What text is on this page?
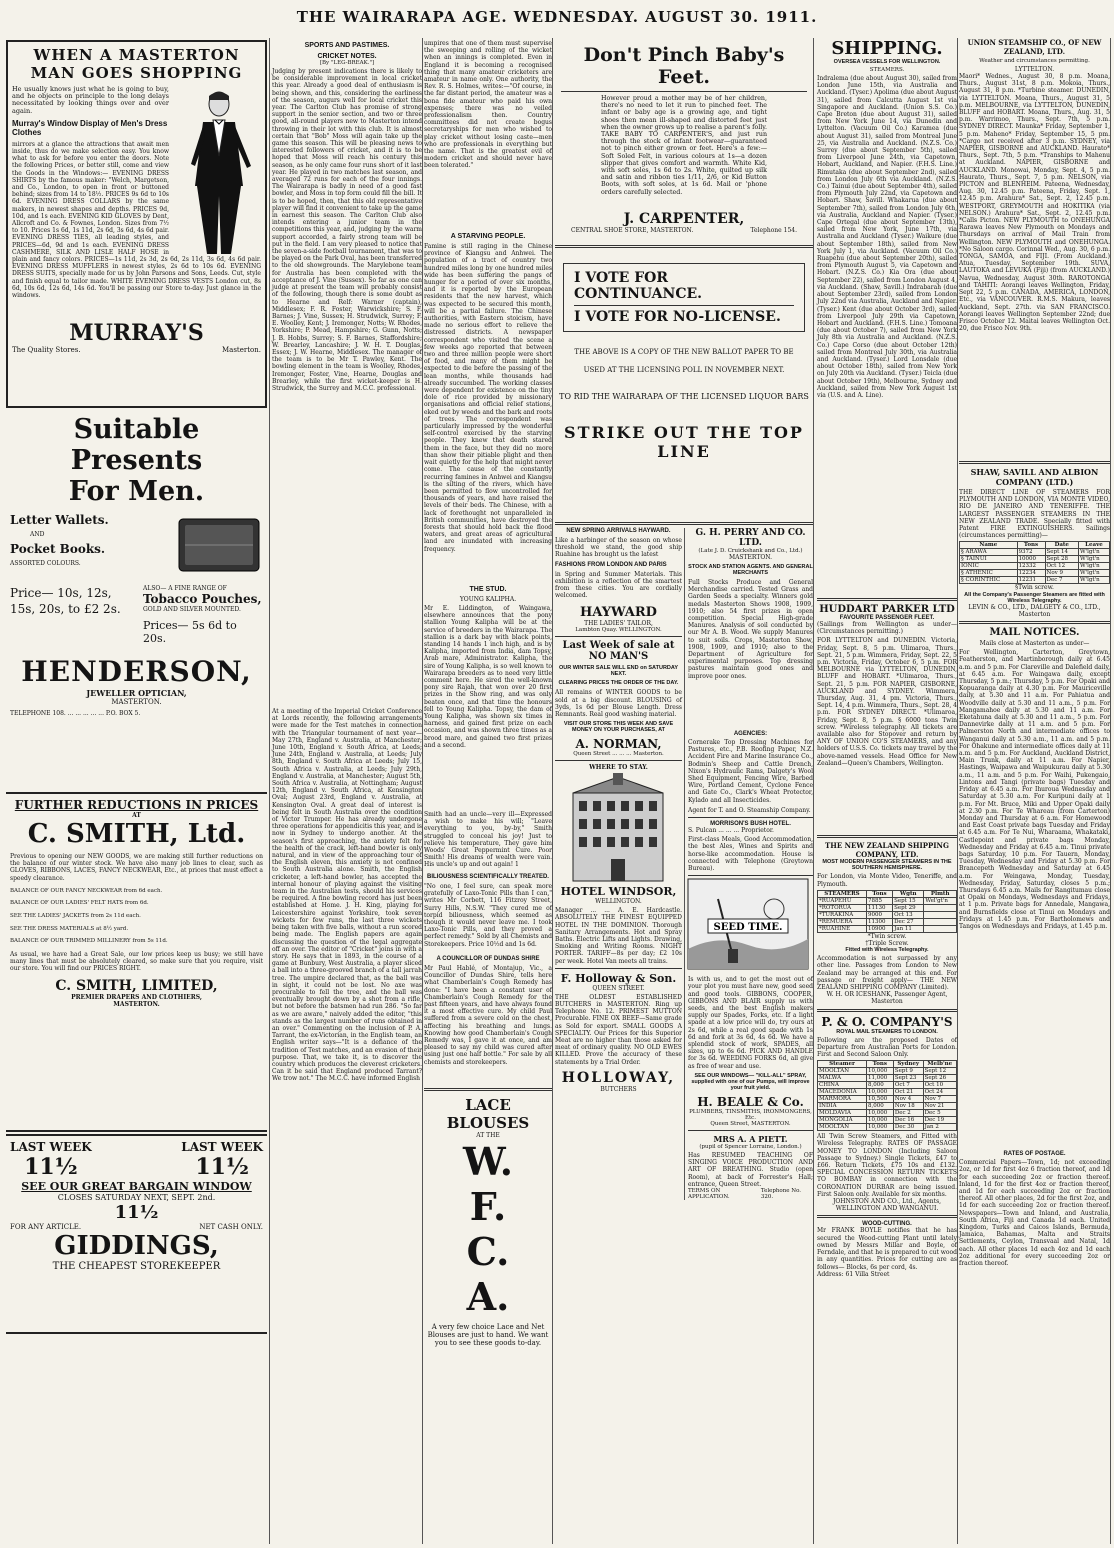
THE WAIRARAPA AGE. WEDNESDAY. AUGUST 30. 1911.
WHEN A MASTERTON
MAN GOES SHOPPING
He usually knows just what he is going to buy, and he objects on principle to the long delays necessitated by looking things over and over again.
Murray's Window Display of Men's Dress Clothes
mirrors at a glance the attractions that await men inside, thus do we make selection easy. You know what to ask for before you enter the doors. Note the following Prices, or better still, come and view the Goods in the Windows:— EVENING DRESS SHIRTS by the famous maker: "Welch, Margetson, and Co., London, to open in front or buttoned behind; sizes from 14 to 18½. PRICES 9s 6d to 10s 6d. EVENING DRESS COLLARS by the same makers, in newest shapes and depths. PRICES 9d, 10d, and 1s each. EVENING KID GLOVES by Dent, Allcroft and Co. & Fownes, London. Sizes from 7½ to 10. Prices 1s 6d, 1s 11d, 2s 6d, 3s 6d, 4s 6d pair. EVENING DRESS TIES, all leading styles, and PRICES—6d, 9d and 1s each. EVENING DRESS CASHMERE, SILK AND LISLE HALF HOSE in plain and fancy colors. PRICES—1s 11d, 2s 3d, 2s 6d, 2s 11d, 3s 6d, 4s 6d pair. EVENING DRESS MUFFLERS in newest styles, 2s 6d to 10s 6d. EVENING DRESS SUITS, specially made for us by John Parsons and Sons, Leeds. Cut, style and finish equal to tailor made. WHITE EVENING DRESS VESTS London cut, 8s 6d, 10s 6d, 12s 6d, 14s 6d. You'll be passing our Store to-day. Just glance in the windows.
MURRAY'S
The Quality Stores.	Masterton.
Suitable Presents
For Men.
Letter Wallets.
AND
Pocket Books.
ASSORTED COLOURS.
Price— 10s, 12s, 15s, 20s, to £2 2s.
ALSO— A FINE RANGE OF
Tobacco Pouches,
GOLD AND SILVER MOUNTED.
Prices— 5s 6d to 20s.
HENDERSON,
JEWELLER OPTICIAN,
MASTERTON.
TELEPHONE 108. ... ... ... ... ... P.O. BOX 5.
FURTHER REDUCTIONS IN PRICES
AT
C. SMITH, Ltd.
Previous to opening our NEW GOODS, we are making still further reductions on the balance of our winter stock. We have also many job lines to clear, such as GLOVES, RIBBONS, LACES, FANCY NECKWEAR, Etc., at prices that must effect a speedy clearance.
BALANCE OF OUR FANCY NECKWEAR from 6d each.
BALANCE OF OUR LADIES' FELT HATS from 6d.
SEE THE LADIES' JACKETS from 2s 11d each.
SEE THE DRESS MATERIALS at 8½ yard.
BALANCE OF OUR TRIMMED MILLINERY from 5s 11d.
As usual, we have had a Great Sale, our low prices keep us busy; we still have many lines that must be absolutely cleared, so make sure that you require, visit our store. You will find our PRICES RIGHT.
C. SMITH, LIMITED,
PREMIER DRAPERS AND CLOTHIERS,
MASTERTON.
LAST WEEK
11½
LAST WEEK
11½
SEE OUR GREAT BARGAIN WINDOW
CLOSES SATURDAY NEXT, SEPT. 2nd.
11½
FOR ANY ARTICLE.	NET CASH ONLY.
GIDDINGS,
THE CHEAPEST STOREKEEPER
SPORTS AND PASTIMES.
CRICKET NOTES.
[By "LEG-BREAK."]
Judging by present indications there is likely to be considerable improvement in local cricket this year. Already a good deal of enthusiasm is being shown, and this, considering the earliness of the season, augurs well for local cricket this year. The Carlton Club has promise of strong support in the senior section, and two or three good, all-round players new to Masterton intend throwing in their lot with this club. It is almost certain that "Bob" Moss will again take up the game this season. This will be pleasing news to interested followers of cricket, and it is to be hoped that Moss will reach his century this season, as he only came four runs short of it last year. He played in two matches last season, and averaged 72 runs for each of the four innings. The Wairarapa is badly in need of a good fast bowler, and Moss in top form could fill the bill. It is to be hoped, then, that this old representative player will find it convenient to take up the game in earnest this season. The Carlton Club also intends entering a junior team in the competitions this year, and, judging by the warm support accorded, a fairly strong team will be put in the field. I am very pleased to notice that the seven-a-side football tournament, that was to be played on the Park Oval, has been transferred to the old showgrounds. The Marylebone team for Australia has been completed with the acceptance of J. Vine (Sussex). So far as one can judge at present the team will probably consist of the following, though there is some doubt as to Hearne and Relf: Warner (captain), Middlesex; F. R. Foster, Warwickshire; S. F. Barnes; J. Vine, Sussex; H. Strudwick, Surrey; F. E. Woolley, Kent; J. Iremonger, Notts; W. Rhodes, Yorkshire; P. Mead, Hampshire; G. Gunn, Notts; J. B. Hobbs, Surrey; S. F. Barnes, Staffordshire; W. Brearley, Lancashire; J. W. H. T. Douglas, Essex; J. W. Hearne, Middlesex. The manager of the team is to be Mr T. Pawley, Kent. The bowling element in the team is Woolley, Rhodes, Iremonger, Foster, Vine, Hearne, Douglas and Brearley, while the first wicket-keeper is H. Strudwick, the Surrey and M.C.C. professional.
At a meeting of the Imperial Cricket Conference at Lords recently, the following arrangements were made for the Test matches in connection with the Triangular tournament of next year—May 27th, England v. Australia, at Manchester; June 10th, England v. South Africa, at Leeds; June 24th, England v. Australia, at Leeds; July 8th, England v. South Africa at Leeds; July 15, South Africa v. Australia, at Leeds; July 29th, England v. Australia, at Manchester; August 5th, South Africa v. Australia, at Nottingham; August 12th, England v. South Africa, at Kensington Oval; August 23rd, England v. Australia, at Kensington Oval. A great deal of interest is being felt in South Australia over the condition of Victor Trumper. He has already undergone three operations for appendicitis this year, and is now in Sydney to undergo another. At the season's first approaching, the anxiety felt for the health of the crack, left-hand bowler is only natural, and in view of the approaching tour of the English eleven, this anxiety is not confined to South Australia alone. Smith, the English cricketer, a left-hand bowler, has accepted the internal honour of playing against the visiting team in the Australian tests, should his services be required. A fine bowling record has just been established at Home. J. H. King, playing for Leicestershire against Yorkshire, took seven wickets for few runs, the last three wickets being taken with five balls, without a run scored being made. The English papers are again discussing the question of the legal aggregate off an over. The editor of "Cricket" joins in with a story. He says that in 1893, in the course of a game at Bunbury, West Australia, a player sliced a ball into a three-grooved branch of a tall jarrah tree. The umpire declared that, as the ball was in sight, it could not be lost. No axe was procurable to fell the tree, and the ball was eventually brought down by a shot from a rifle, but not before the batsmen had run 286. "So far as we are aware," naively added the editor, "this stands as the largest number of runs obtained in an over." Commenting on the inclusion of P. A. Tarrant, the ex-Victorian, in the English team, an English writer says—"It is a defiance of the tradition of Test matches, and an evasion of their purpose. That, we take it, is to discover the country which produces the cleverest cricketers. Can it be said that England produced Tarrant? We trow not." The M.C.C. have informed English
umpires that one of them must supervise the sweeping and rolling of the wicket when an innings is completed. Even in England it is becoming a recognised thing that many amateur cricketers are amateur in name only. One authority, the Rev. R. S. Holmes, writes:—"Of course, in the far distant period, the amateur was a bona fide amateur who paid his own expenses; there was no veiled professionalism then. Country committees did not create bogus secretaryships for men who wished to play cricket without losing caste—men who are professionals in everything but the name. That is the greatest evil of modern cricket and should never have been tolerated."
A STARVING PEOPLE.
Famine is still raging in the Chinese province of Kiangsu and Anhwei. The population of a tract of country two hundred miles long by one hundred miles wide has been suffering the pangs of hunger for a period of over six months, and it is reported by the European residents that the new harvest, which was expected to be secured this month, will be a partial failure. The Chinese authorities, with Eastern stoicism, have made no serious effort to relieve the distressed districts. A newspaper correspondent who visited the scene a few weeks ago reported that between two and three million people were short of food, and many of them might be expected to die before the passing of the lean months, while thousands had already succumbed. The working classes were dependent for existence on the tiny dole of rice provided by missionary organisations and official relief stations, eked out by weeds and the bark and roots of trees. The correspondent was particularly impressed by the wonderful self-control exercised by the starving people. They knew that death stared them in the face, but they did no more than show their pitiable plight and then wait quietly for the help that might never come. The cause of the constantly recurring famines in Anhwei and Kiangsu is the silting of the rivers, which have been permitted to flow uncontrolled for thousands of years, and have raised the levels of their beds. The Chinese, with a lack of forethought not unparalleled in British communities, have destroyed the forests that should hold back the flood waters, and great areas of agricultural land are inundated with increasing frequency.
THE STUD.
YOUNG KALIPHA.
Mr E. Liddington, of Waingawa, elsewhere announces that the pony stallion Young Kalipha will be at the service of breeders in the Wairarapa. The stallion is a dark bay with black points, standing 14 hands 1 inch high, and is by Kalipha, imported from India, dam Topsy, Arab mare, Administrator. Kalipha, the sire of Young Kalipha, is so well known to Wairarapa breeders as to need very little comment here. He sired the well-known pony sire Rajah, that won over 20 first prizes in the Show ring, and was only beaten once, and that time the honours fell to Young Kalipha. Topsy, the dam of Young Kalipha, was shown six times in harness, and gained first prize on each occasion, and was shown three times as a brood mare, and gained two first prizes and a second.
Smith had an uncle—very ill—Expressed a wish to make his will; "Leave everything to you, by-by," Smith struggled to conceal his joy! Just to relieve his temperature, They gave him Woods' Great Peppermint Cure. Poor Smith! His dreams of wealth were vain. His uncle's up and out again! 1
BILIOUSNESS SCIENTIFICALLY TREATED.
"No one, I feel sure, can speak more gratefully of Laxo-Tonic Pills than I can," writes Mr Corbett, 116 Fitzroy Street, Surry Hills, N.S.W. "They cured me of torpid biliousness, which seemed as though it would never leave me. I took Laxo-Tonic Pills, and they proved a perfect remedy." Sold by all Chemists and Storekeepers. Price 10½d and 1s 6d.
A COUNCILLOR OF DUNDAS SHIRE
Mr Paul Hablé, of Montajup, Vic., a Councillor of Dundas Shire, tells here what Chamberlain's Cough Remedy has done: "I have been a constant user of Chamberlain's Cough Remedy for the past fifteen years, and have always found it a most effective cure. My child Paul suffered from a severe cold on the chest, affecting his breathing and lungs. Knowing how good Chamberlain's Cough Remedy was, I gave it at once, and am pleased to say my child was cured after using just one half bottle." For sale by all chemists and storekeepers.
LACE BLOUSES
AT THE
W.
F.
C.
A.
A very few choice Lace and Net Blouses are just to hand. We want you to see these goods to-day.
Don't Pinch Baby's Feet.
However proud a mother may be of her children, there's no need to let it run to pinched feet. The infant or baby age is a growing age, and tight shoes then mean ill-shaped and distorted feet just when the owner grows up to realise a parent's folly. TAKE BABY TO CARPENTER'S, and just run through the stock of infant footwear—guaranteed not to pinch either grown or feet. Here's a few:— Soft Soled Felt, in various colours at 1s—a dozen slipper that gives comfort and warmth. White Kid, with soft soles, 1s 6d to 2s. White, quilted up silk and satin and ribbon ties 1/11, 2/6, or Kid Button Boots, with soft soles, at 1s 6d. Mail or 'phone orders carefully selected.
J. CARPENTER,
CENTRAL SHOE STORE, MASTERTON.	Telephone 154.
I VOTE FOR CONTINUANCE.
I VOTE FOR NO-LICENSE.
THE ABOVE IS A COPY OF THE NEW BALLOT PAPER TO BE
USED AT THE LICENSING POLL IN NOVEMBER NEXT.
TO RID THE WAIRARAPA OF THE LICENSED LIQUOR BARS
STRIKE OUT THE TOP LINE
NEW SPRING ARRIVALS HAYWARD.
Like a harbinger of the season on whose threshold we stand, the good ship Ruahine has brought us the latest
FASHIONS FROM LONDON AND PARIS
in Spring and Summer Materials. This exhibition is a reflection of the smartest from these cities. You are cordially welcomed.
HAYWARD
THE LADIES' TAILOR,
Lambton Quay. WELLINGTON.
Last Week of sale at NO MAN'S
OUR WINTER SALE WILL END on SATURDAY NEXT.
CLEARING PRICES THE ORDER OF THE DAY.
All remains of WINTER GOODS to be sold at a big discount. BLOUSING of 3yds, 1s 6d per Blouse Length. Dress Remnants. Real good washing material.
VISIT OUR STORE THIS WEEK AND SAVE MONEY ON YOUR PURCHASES, AT
A. NORMAN,
Queen Street ... ... ... Masterton.
WHERE TO STAY.
HOTEL WINDSOR,
WELLINGTON.
Manager ... ... A. E. Hardcastle. ABSOLUTELY THE FINEST EQUIPPED HOTEL IN THE DOMINION. Thorough Sanitary Arrangements. Hot and Spray Baths. Electric Lifts and Lights. Drawing, Smoking and Writing Rooms. NIGHT PORTER. TARIFF—8s per day; £2 10s per week. Hotel Van meets all trains.
F. Holloway & Son.
QUEEN STREET.
THE OLDEST ESTABLISHED BUTCHERS in MASTERTON. Ring up Telephone No. 12. PRIMEST MUTTON Procurable. FINE OX BEEF—Same grade as Sold for export. SMALL GOODS A SPECIALTY. Our Prices for this Superior Meat are no higher than those asked for meat of ordinary quality. NO OLD EWES KILLED. Prove the accuracy of these statements by a Trial Order.
HOLLOWAY,
BUTCHERS
G. H. PERRY AND CO. LTD.
(Late J. D. Cruickshank and Co., Ltd.)
MASTERTON.
STOCK AND STATION AGENTS. AND GENERAL MERCHANTS
Full Stocks Produce and General Merchandise carried. Tested Grass and Garden Seeds a specialty. Winners gold medals Masterton Shows 1908, 1909, 1910; also 54 first prizes in open competition. Special High-grade Manures. Analysis of soil conducted by our Mr A. B. Wood. We supply Manures to suit soils. Crops, Masterton Show, 1908, 1909, and 1910; also to the Department of Agriculture for experimental purposes. Top dressing pastures maintain good ones and improve poor ones.
AGENCIES:
Cornerake Top Dressing Machines for Pastures, etc., P.B. Roofing Paper, N.Z. Accident Fire and Marine Insurance Co., Bodmin's Sheep and Cattle Drench, Nixon's Hydraulic Rams, Dalgety's Wool Shed Equipment, Fencing Wire, Barbed Wire, Portland Cement, Cyclone Fence and Gate Co., Clark's Wheat Protector, Kylado and all Insecticides.
Agent for T. and O. Steamship Company.
MORRISON'S BUSH HOTEL.
S. Pulcan ... ... ... Proprietor.
First-class Meals, Good Accommodation, the best Ales, Wines and Spirits and horse-like accommodation. House is connected with Telephone (Greytown Bureau).
SEED TIME.
Is with us, and to get the most out of your plot you must have new, good seed and good tools. GIBBONS, COOPER, GIBBONS AND BLAIR supply us with seeds, and the best English makers supply our Spades, Forks, etc. If a light spade at a low price will do, try ours at 2s 6d, while a real good spade with 1s 6d and fork at 3s 6d, 4s 6d. We have a splendid stock of work, SPADES, all sizes, up to 6s 6d. PICK AND HANDLE for 3s 6d. WEEDING FORKS 6d, all give as free of wear and use.
SEE OUR WINDOWS— "KILL-ALL" SPRAY, supplied with one of our Pumps, will improve your fruit yield.
H. BEALE & Co.
PLUMBERS, TINSMITHS, IRONMONGERS, Etc.
Queen Street, MASTERTON.
MRS A. A PIETT.
(pupil of Spencer Lorraine, London.)
Has RESUMED TEACHING OF SINGING VOICE PRODUCTION AND ART OF BREATHING. Studio (open Room), at back of Forrester's Hall; entrance, Queen Street.
TERMS ON APPLICATION.
Telephone No. 320.
SHIPPING.
OVERSEA VESSELS FOR WELLINGTON.
STEAMERS.
Indralema (due about August 30), sailed from London June 15th, via Australia and Auckland. (Tyser.) Apolima (due about August 31), sailed from Calcutta August 1st via Singapore and Auckland. (Union S.S. Co.) Cape Breton (due about August 31), sailed from New York June 14, via Dunedin and Lyttelton. (Vacuum Oil Co.) Karamea (due about August 31), sailed from Montreal June 25, via Australia and Auckland. (N.Z.S. Co.) Surrey (due about September 5th), sailed from Liverpool June 24th, via Capetown, Hobart, Auckland, and Napier. (F.H.S. Line.) Rimutaka (due about September 2nd), sailed from London July 6th via Auckland. (N.Z.S. Co.) Tainui (due about September 4th), sailed from Plymouth July 22nd, via Capetown and Hobart. Shaw, Savill. Whakarua (due about September 7th), sailed from London July 6th, via Australia, Auckland and Napier. (Tyser.) Cape Ortegal (due about September 13th), sailed from New York, June 17th, via Australia and Auckland (Tyser.) Waikure (due about September 18th), sailed from New York July 1, via Auckland. (Vacuum Oil Co.) Ruapehu (due about September 20th), sailed from Plymouth August 5, via Capetown and Hobart. (N.Z.S. Co.) Kia Ora (due about September 22), sailed from London August 4, via Auckland. (Shaw, Savill.) Indrabarah (due about September 23rd), sailed from London July 22nd via Australia, Auckland and Napier. (Tyser.) Kent (due about October 3rd), sailed from Liverpool July 29th via Capetown, Hobart and Auckland. (F.H.S. Line.) Tomoana (due about October 7), sailed from New York July 8th via Australia and Auckland. (N.Z.S. Co.) Cape Corso (due about October 12th) sailed from Montreal July 30th, via Australia and Auckland. (Tyser.) Lord Lonsdale (due about October 18th), sailed from New York on July 20th via Auckland. (Tyser.) Teicla (due about October 19th), Melbourne, Sydney and Auckland, sailed from New York August 1st via (U.S. and A. Line).
HUDDART PARKER LTD
FAVOURITE PASSENGER FLEET.
(Sailings from Wellington as under—(Circumstances permitting.)
FOR LYTTELTON and DUNEDIN. Victoria, Friday, Sept. 8, 5 p.m. Ulimaroa, Thurs., Sept. 21, 5 p.m. Wimmera, Friday, Sept. 22, 5 p.m. Victoria, Friday, October 6, 5 p.m. FOR MELBOURNE via LYTTELTON, DUNEDIN, BLUFF and HOBART. *Ulimaroa, Thurs., Sept. 21, 5 p.m. FOR NAPIER, GISBORNE, AUCKLAND and SYDNEY. Wimmera, Thursday, Aug. 31, 4 pm. Victoria, Thurs., Sept. 14, 4 p.m. Wimmera, Thurs., Sept. 28, 4 p.m. FOR SYDNEY DIRECT. *Ulimaroa, Friday, Sept. 8, 5 p.m. § 6000 tons Twin screw. *Wireless telegraphy. All tickets are available also for Stopover and return by ANY OF UNION CO'S STEAMERS, and any holders of U.S.S. Co. tickets may travel by the above-named vessels. Head Office for New Zealand—Queen's Chambers, Wellington.
THE NEW ZEALAND SHIPPING COMPANY, LTD.
MOST MODERN PASSENGER STEAMERS IN THE SOUTHERN HEMISPHERE.
For London, via Monte Video, Teneriffe, and Plymouth.
STEAMERS	Tons	Wgtn	Plmth
*RUAPEHU	7885	Sept 15	Wel'gt'n
*ROTORUA	11130	Sept 29	
*TURAKINA	9000	Oct 13	
*REMUERA	11300	Dec 27	
*RUAHINE	10900	Jan 11	
*Twin screw.
†Triple Screw.
Fitted with Wireless Telegraphy.
Accommodation is not surpassed by any other line. Passages from London to New Zealand may be arranged at this end. For passage or freight apply— THE NEW ZEALAND SHIPPING COMPANY (Limited).
W. H. OR ICESHANK, Passenger Agent, Masterton
P. & O. COMPANY'S
ROYAL MAIL STEAMERS TO LONDON.
Following are the proposed Dates of Departure from Australian Ports for London. First and Second Saloon Only.
Steamer	Tons	Sydney	Melb'ne
MOOLTAN	10,000	Sept 9	Sept 12
MALWA	11,000	Sept 23	Sept 26
CHINA	8,000	Oct 7	Oct 10
MACEDONIA	10,000	Oct 21	Oct 24
MARMORA	10,500	Nov 4	Nov 7
INDIA	8,000	Nov 18	Nov 21
MOLDAVIA	10,000	Dec 2	Dec 5
MONGOLIA	10,000	Dec 16	Dec 19
MOOLTAN	10,000	Dec 30	Jan 2
All Twin Screw Steamers, and Fitted with Wireless Telegraphy. RATES OF PASSAGE MONEY TO LONDON (Including Saloon Passage to Sydney.) Single Tickets, £47 to £66. Return Tickets, £75 10s and £132. SPECIAL CONCESSION RETURN TICKETS TO BOMBAY in connection with the CORONATION DURBAR are being issued. First Saloon only. Available for six months.
JOHNSTON AND CO., Ltd., Agents, WELLINGTON AND WANGANUI.
WOOD-CUTTING.
Mr FRANK BOYLE notifies that he has secured the Wood-cutting Plant until lately owned by Messrs Millar and Boyle, of Ferndale, and that he is prepared to cut wood in any quantities. Prices for cutting are as follows— Blocks, 6s per cord, 4s.
Address: 61 Villa Street
UNION STEAMSHIP CO., OF NEW ZEALAND, LTD.
Weather and circumstances permitting.
LYTTELTON.
Maori* Wednes., August 30, 8 p.m. Moana, Thurs., August 31st, 8 p.m. Mokoia, Thurs., August 31, 8 p.m. *Turbine steamer. DUNEDIN, via LYTTELTON. Moana, Thurs., August 31, 5 p.m. MELBOURNE, via LYTTELTON, DUNEDIN, BLUFF and HOBART. Moana, Thurs., Aug. 31, 5 p.m. Warrimoo, Thurs., Sept. 7th, 5 p.m. SYDNEY DIRECT. Maunka* Friday, September 1, 5 p.m. Maheno* Friday, September 15, 5 pm. *Cargo not received after 3 p.m. SYDNEY, via NAPIER, GISBORNE and AUCKLAND. Haurato* Thurs., Sept. 7th, 5 p.m. *Tranships to Mahenu at Auckland. NAPIER, GISBORNE and AUCKLAND. Monowai, Monday, Sept. 4, 5 p.m. Haurato, Thurs., Sept. 7, 5 p.m. NELSON, via PICTON and BLENHEIM. Pateena, Wednesday, Aug. 30, 12.45 p.m. Pateena, Friday, Sept. 1, 12.45 p.m. Arahura* Sat., Sept. 2, 12.45 p.m. WESTPORT, GREYMOUTH and HOKITIKA (via NELSON.) Arahura* Sat., Sept. 2, 12.45 p.m. *Calls Picton. NEW PLYMOUTH to ONEHUNGA Rarawa leaves New Plymouth on Mondays and Thursdays on arrival of Mail Train from Wellington. NEW PLYMOUTH and ONEHUNGA. *No Saloon cargo. Corinnal Wed., Aug. 30, 6 p.m. TONGA, SAMOA, and FIJI. (From Auckland.) Atua, Tuesday, September 19th. SUVA, LAUTOKA and LEVUKA (Fiji) (from AUCKLAND.) Navua, Wednesday, August 30th. RAROTONGA and TAHITI: Aorangi leaves Wellington, Friday, Sept 22, 5 p.m. CANADA, AMERICA, LONDON, Etc., via VANCOUVER. R.M.S. Makura, leaves Auckland, Sept. 27th. via SAN FRANCISCO. Aorangi leaves Wellington September 22nd; due Frisco October 12. Maitai leaves Wellington Oct. 20, due Frisco Nov. 9th.
SHAW, SAVILL AND ALBION COMPANY (LTD.)
THE DIRECT LINE OF STEAMERS FOR PLYMOUTH AND LONDON, VIA MONTE VIDEO, RIO DE JANEIRO AND TENERIFFE. THE LARGEST PASSENGER STEAMERS IN THE NEW ZEALAND TRADE. Specially fitted with Patent FIRE EXTINGUISHERS. Sailings (circumstances permitting)—
Name	Tons	Date	Leave
§ ARAWA	9372	Sept 14	W'lgt'n
§ TAINUI	10000	Sept 28	W'lgt'n
IONIC	12332	Oct 12	W'lgt'n
§ ATHENIC	12234	Nov 9	W'lgt'n
§ CORINTHIC	12231	Dec 7	W'lgt'n
§Twin screw.
All the Company's Passenger Steamers are fitted with Wireless Telegraphy.
LEVIN & CO., LTD., DALGETY & CO., LTD., Masterton
MAIL NOTICES.
Mails close at Masterton as under—
For Wellington, Carterton, Greytown, Featherston, and Martinborough daily at 6.45 a.m. and 5 p.m. For Clareville and Dalefield daily, at 6.45 a.m. For Waingawa daily, except Thursday, 5 p.m.; Thursday, 5 p.m. For Opaki and Kopuaranga daily at 4.30 p.m. For Mauriceville daily, at 5.30 and 11 a.m. For Pahiatua and Woodville daily at 5.30 and 11 a.m., 5 p.m. For Mangamahoe daily at 5.30 and 11 a.m. For Eketahuna daily at 5.30 and 11 a.m., 5 p.m. For Dannevirke daily at 11 a.m. and 5 p.m. For Palmerston North and intermediate offices to Wanganui daily at 5.30 a.m., 11 a.m. and 5 p.m. For Ohakune and intermediate offices daily at 11 a.m. and 5 p.m. For Auckland, Auckland District, Main Trunk, daily at 11 a.m. For Napier, Hastings, Waipawa and Waipukurau daily at 5.30 a.m., 11 a.m. and 5 p.m. For Waihi, Pukengaio, Lintons and Tangi (private bags) Tuesday and Friday at 6.45 a.m. For Ihuroua Wednesday and Saturday at 5.30 a.m. For Kuripuni daily at 1 p.m. For Mt. Bruce, Miki and Upper Opaki daily at 2.30 p.m. For Te Whareau (from Carterton) Monday and Thursday at 6 a.m. For Homewood and East Coast private bags Tuesday and Friday at 6.45 a.m. For Te Nui, Wharaama, Whakataki, Castlepoint and private bags Monday, Wednesday and Friday at 6.45 a.m. Tinui private bags Saturday, 10 p.m. For Tauern, Monday, Tuesday, Wednesday and Friday at 5.30 p.m. For Brancepeth Wednesday and Saturday at 6.45 a.m. For Weingawa, Monday, Tuesday, Wednesday, Friday, Saturday, closes 5 p.m.; Thursdays 6.45 a.m. Mails for Rangitumau close at Opaki on Mondays, Wednesdays and Fridays, at 1 p.m. Private bags for Annedale, Mangawa, and Burnsfields close at Tinui on Mondays and Fridays at 1.45 p.m. For Bartholomews and Tangos on Wednesdays and Fridays, at 1.45 p.m.
RATES OF POSTAGE.
Commercial Papers—Town, 1d; not exceeding 2oz, or 1d for first 4oz 6 fraction thereof, and 1d for each succeeding 2oz or fraction thereof. Inland, 1d for the first 4oz or fraction thereof, and 1d for each succeeding 2oz or fraction thereof. All other places, 2d for the first 2oz, and 1d for each succeeding 2oz or fraction thereof. Newspapers—Town and Inland, and Australia, South Africa, Fiji and Canada 1d each. United Kingdom, Turks and Caicos Islands, Bermuda, Jamaica, Bahamas, Malta and Straits Settlements, Ceylon, Transvaal and Natal, 1d each. All other places 1d each 4oz and 1d each 2oz additional for every succeeding 2oz or fraction thereof.
